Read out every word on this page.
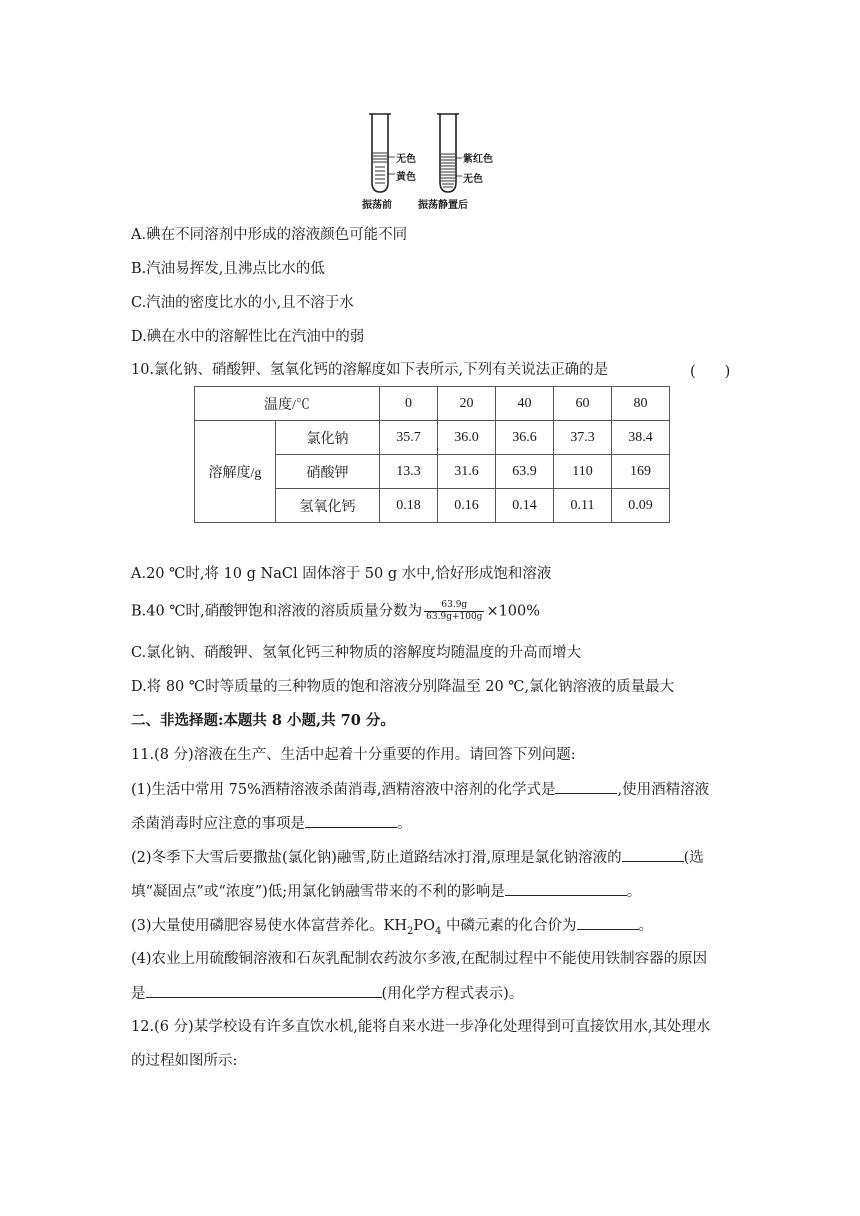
无色
黄色
振荡前
紫红色
无色
振荡静置后
A.碘在不同溶剂中形成的溶液颜色可能不同
B.汽油易挥发,且沸点比水的低
C.汽油的密度比水的小,且不溶于水
D.碘在水中的溶解性比在汽油中的弱
10.氯化钠、硝酸钾、氢氧化钙的溶解度如下表所示,下列有关说法正确的是	(　　)
温度/℃		0	20	40	60	80
溶解度/g	氯化钠	35.7	36.0	36.6	37.3	38.4
	硝酸钾	13.3	31.6	63.9	110	169
	氢氧化钙	0.18	0.16	0.14	0.11	0.09
A.20 ℃时,将 10 g NaCl 固体溶于 50 g 水中,恰好形成饱和溶液
B.40 ℃时,硝酸钾饱和溶液的溶质质量分数为 $\frac{63.9g}{63.9g+100g} \times 100\%$
C.氯化钠、硝酸钾、氢氧化钙三种物质的溶解度均随温度的升高而增大
D.将 80 ℃时等质量的三种物质的饱和溶液分别降温至 20 ℃,氯化钠溶液的质量最大
二、非选择题:本题共 8 小题,共 70 分。
11.(8 分)溶液在生产、生活中起着十分重要的作用。请回答下列问题:
(1)生活中常用 75%酒精溶液杀菌消毒,酒精溶液中溶剂的化学式是	,使用酒精溶液
杀菌消毒时应注意的事项是	。
(2)冬季下大雪后要撒盐(氯化钠)融雪,防止道路结冰打滑,原理是氯化钠溶液的	(选
填“凝固点”或“浓度”)低;用氯化钠融雪带来的不利的影响是	。
(3)大量使用磷肥容易使水体富营养化。$KH_2PO_4$ 中磷元素的化合价为	。
(4)农业上用硫酸铜溶液和石灰乳配制农药波尔多液,在配制过程中不能使用铁制容器的原因
是	(用化学方程式表示)。
12.(6 分)某学校设有许多直饮水机,能将自来水进一步净化处理得到可直接饮用水,其处理水
的过程如图所示:
